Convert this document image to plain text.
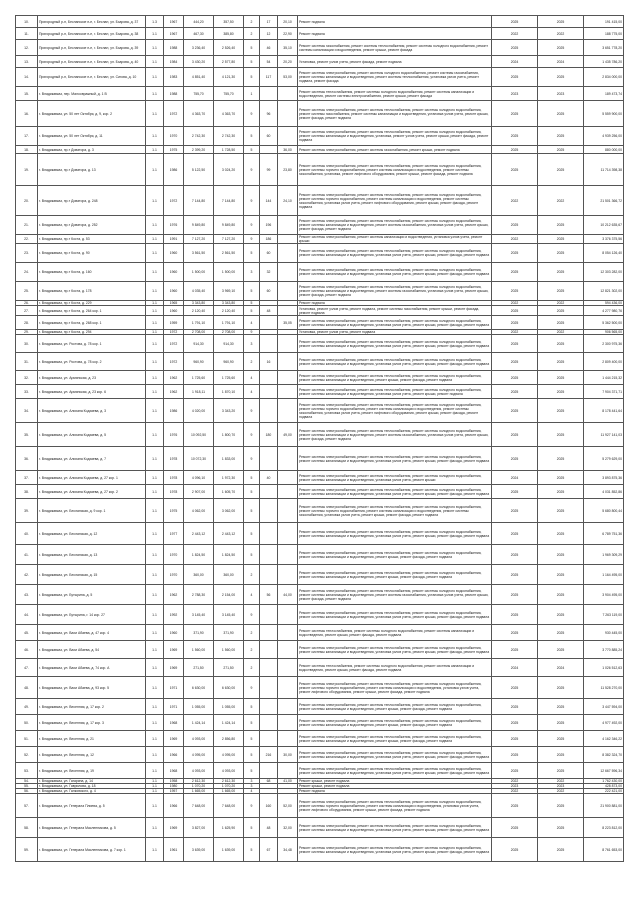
10.	Пригородный р-н, Бесланское п-е, г. Беслан, ул. Бзарова, д. 37	1.3	1967	444,20	357,50	2	17	20,10	Ремонт подвала	2025	2025	191 415,00
11.	Пригородный р-н, Бесланское п-е, г. Беслан, ул. Бзарова, д. 38	1.1	1967	467,30	385,80	2	12	22,90	Ремонт подвала	2022	2022	188 775,00
12.	Пригородный р-н, Бесланское п-е, г. Беслан, ул. Бзарова, д. 39	1.1	1988	3 236,40	2 526,40	5	46	35,10	Ремонт системы газоснабжения, ремонт системы теплоснабжения, ремонт системы холодного водоснабжения, ремонт системы канализации и водоотведения, ремонт крыши, ремонт фасада	2025	2025	3 651 778,20
13.	Пригородный р-н, Бесланское п-е, г. Беслан, ул. Бзарова, д. 40	1.1	1984	3 430,20	2 577,80	5	54	20,20	Установка, ремонт узлов учета, ремонт фасада, ремонт подвала	2024	2024	1 435 786,20
14.	Пригородный р-н, Бесланское п-е, г. Беслан, ул. Сигова, д. 10	1.1	1983	4 851,40	4 121,30	5	117	53,00	Ремонт системы электроснабжения, ремонт системы холодного водоснабжения, ремонт системы газоснабжения, ремонт системы канализации и водоотведения, ремонт системы теплоснабжения, установка узлов учета, ремонт подвала, ремонт фасада	2025	2025	2 834 000,00
15.	г. Владикавказ, пер. Малоовражный, д. 1 В	1.1	1988	755,70	755,70	1			Ремонт системы теплоснабжения, ремонт системы холодного водоснабжения, ремонт системы канализации и водоотведения, ремонт системы электроснабжения, ремонт крыши, ремонт фасада	2023	2023	189 473,74
16.	г. Владикавказ, ул. 50 лет Октября, д. 9, кор. 2	1.1	1972	4 363,70	4 363,70	9	96		Ремонт системы электроснабжения, ремонт системы теплоснабжения, ремонт системы холодного водоснабжения, ремонт системы газоснабжения, ремонт системы канализации и водоотведения, установка узлов учета, ремонт крыши, ремонт фасада, ремонт подвала	2025	2025	5 559 900,00
17.	г. Владикавказ, ул. 50 лет Октября, д. 11	1.1	1970	2 742,30	2 742,30	5	60		Ремонт системы электроснабжения, ремонт системы теплоснабжения, ремонт системы холодного водоснабжения, ремонт системы канализации и водоотведения, установка, ремонт узлов учета, ремонт крыши, ремонт фасада, ремонт подвала	2025	2025	4 939 256,00
18.	г. Владикавказ, пр-т Доватора, д. 3	1.1	1975	2 399,20	1 728,50	5		36,00	Ремонт системы электроснабжения, ремонт системы газоснабжения, ремонт крыши, ремонт подвала	2025	2025	880 000,00
19.	г. Владикавказ, пр-т Доватора, д. 13	1.1	1986	5 122,50	3 024,20	9	99	23,80	Ремонт системы электроснабжения, ремонт системы теплоснабжения, ремонт системы холодного водоснабжения, ремонт системы горячего водоснабжения, ремонт системы канализации и водоотведения, ремонт системы газоснабжения, установка, ремонт лифтового оборудования, ремонт крыши, ремонт фасада, ремонт подвала	2025	2025	11 714 398,38
20.	г. Владикавказ, пр-т Доватора, д. 248	1.1	1972	7 144,80	7 144,80	9	144	24,10	Ремонт системы электроснабжения, ремонт системы теплоснабжения, ремонт системы холодного водоснабжения, ремонт системы горячего водоснабжения, ремонт системы канализации и водоотведения, ремонт системы газоснабжения, установка узлов учета, ремонт лифтового оборудования, ремонт крыши, ремонт фасада, ремонт подвала	2022	2022	21 501 366,72
21.	г. Владикавказ, пр-т Доватора, д. 252	1.1	1976	9 849,80	9 849,80	9	196		Ремонт системы электроснабжения, ремонт системы теплоснабжения, ремонт системы холодного водоснабжения, ремонт системы канализации и водоотведения, ремонт системы газоснабжения, установка узлов учета, ремонт крыши, ремонт фасада, ремонт подвала	2025	2025	10 212 635,67
22.	г. Владикавказ, пр-т Коста, д. 53	1.1	1991	7 127,20	7 127,20	9	186		Ремонт системы электроснабжения, ремонт системы канализации и водоотведения, установка узлов учета, ремонт крыши	2022	2025	3 376 375,56
23.	г. Владикавказ, пр-т Коста, д. 90	1.1	1960	3 561,50	2 561,50	5	60		Ремонт системы электроснабжения, ремонт системы теплоснабжения, ремонт системы холодного водоснабжения, ремонт системы канализации и водоотведения, установка узлов учета, ремонт крыши, ремонт фасада, ремонт подвала	2025	2025	8 054 126,40
24.	г. Владикавказ, пр-т Коста, д. 160	1.1	1960	1 500,00	1 500,00	3	32		Ремонт системы электроснабжения, ремонт системы теплоснабжения, ремонт системы холодного водоснабжения, ремонт системы канализации и водоотведения, установка узлов учета, ремонт крыши, ремонт фасада, ремонт подвала	2025	2025	12 303 282,00
25.	г. Владикавказ, пр-т Коста, д. 178	1.1	1960	4 035,40	3 969,10	5	60		Ремонт системы электроснабжения, ремонт системы теплоснабжения, ремонт системы холодного водоснабжения, ремонт системы канализации и водоотведения, ремонт системы газоснабжения, установка узлов учета, ремонт крыши, ремонт фасада, ремонт подвала	2025	2025	12 821 302,00
26.	г. Владикавказ, пр-т Коста, д. 229	1.1	1965	3 343,80	3 343,80	5			Ремонт подвала	2022	2022	594 436,00
27.	г. Владикавказ, пр-т Коста, д. 264 кор. 1	1.1	1960	2 120,40	2 120,40	5	48		Установка, ремонт узлов учета, ремонт подвала, ремонт системы газоснабжения, ремонт крыши, ремонт фасада, ремонт подвала	2025	2025	4 277 980,76
28.	г. Владикавказ, пр-т Коста, д. 268 кор. 1	1.1	1959	1 791,10	1 791,10	4		35,05	Ремонт системы электроснабжения, ремонт системы теплоснабжения, ремонт системы холодного водоснабжения, ремонт системы канализации и водоотведения, установка узлов учета, ремонт крыши, ремонт фасада, ремонт подвала	2025	2025	5 362 500,00
29.	г. Владикавказ, пр-т Коста, д. 294	1.1	1972	2 708,00	2 708,00	9			Установка, ремонт узлов учета, ремонт подвала	2022	2022	906 565,00
30.	г. Владикавказ, ул. Ростова, д. 78 кор. 1	1.1	1972	914,30	914,30	3			Ремонт системы электроснабжения, ремонт системы теплоснабжения, ремонт системы холодного водоснабжения, ремонт системы канализации и водоотведения, установка узлов учета, ремонт крыши, ремонт фасада, ремонт подвала	2025	2025	2 300 975,36
31.	г. Владикавказ, ул. Ростова, д. 78 кор. 2	1.1	1972	960,90	960,90	2	16		Ремонт системы электроснабжения, ремонт системы теплоснабжения, ремонт системы холодного водоснабжения, ремонт системы канализации и водоотведения, установка узлов учета, ремонт крыши, ремонт фасада, ремонт подвала	2025	2025	2 809 400,00
32.	г. Владикавказ, ул. Армянская, д. 23	1.1	1962	1 725,60	1 725,60	4			Ремонт системы электроснабжения, ремонт системы теплоснабжения, ремонт системы холодного водоснабжения, ремонт системы канализации и водоотведения, ремонт крыши, ремонт фасада, ремонт подвала	2025	2025	1 444 215,32
33.	г. Владикавказ, ул. Армянская, д. 23 кор. 6	1.1	1962	1 918,11	1 870,10	4			Ремонт системы электроснабжения, ремонт системы теплоснабжения, ремонт системы холодного водоснабжения, ремонт системы канализации и водоотведения, установка узлов учета, ремонт крыши, ремонт подвала	2025	2025	7 904 371,71
34.	г. Владикавказ, ул. Алихана Кодзаева, д. 3	1.1	1986	4 020,00	3 343,20	9			Ремонт системы электроснабжения, ремонт системы теплоснабжения, ремонт системы холодного водоснабжения, ремонт системы горячего водоснабжения, ремонт системы канализации и водоотведения, ремонт системы газоснабжения, установка узлов учета, ремонт лифтового оборудования, ремонт крыши, ремонт фасада, ремонт подвала	2025	2025	8 178 441,64
35.	г. Владикавказ, ул. Алихана Кодзаева, д. 5	1.1	1976	10 092,50	1 800,70	9	180	49,00	Ремонт системы электроснабжения, ремонт системы теплоснабжения, ремонт системы холодного водоснабжения, ремонт системы канализации и водоотведения, ремонт системы газоснабжения, установка узлов учета, ремонт крыши, ремонт фасада, ремонт подвала	2025	2025	11 927 141,03
36.	г. Владикавказ, ул. Алихана Кодзаева, д. 7	1.1	1978	10 072,30	1 833,00	9			Ремонт системы электроснабжения, ремонт системы теплоснабжения, ремонт системы холодного водоснабжения, ремонт системы канализации и водоотведения, установка узлов учета, ремонт крыши, ремонт фасада, ремонт подвала	2025	2025	5 279 629,00
37.	г. Владикавказ, ул. Алихана Кодзаева, д. 27 кор. 1	1.1	1978	4 096,10	1 972,30	5	40		Ремонт системы электроснабжения, ремонт системы теплоснабжения, ремонт системы холодного водоснабжения, ремонт системы канализации и водоотведения, установка узлов учета, ремонт крыши	2024	2025	3 893 875,36
38.	г. Владикавказ, ул. Алихана Кодзаева, д. 27 кор. 2	1.1	1978	2 907,00	1 605,70	5			Ремонт системы электроснабжения, ремонт системы теплоснабжения, ремонт системы холодного водоснабжения, ремонт системы канализации и водоотведения, установка узлов учета, ремонт крыши, ремонт фасада, ремонт подвала	2025	2025	4 031 852,86
39.	г. Владикавказ, ул. Бесланская, д. 9 кор. 1	1.1	1975	4 062,00	3 062,00	5			Ремонт системы электроснабжения, ремонт системы теплоснабжения, ремонт системы холодного водоснабжения, ремонт системы горячего водоснабжения, ремонт системы канализации и водоотведения, ремонт системы газоснабжения, установка узлов учета, ремонт крыши, ремонт фасада, ремонт подвала	2025	2025	5 680 800,44
40.	г. Владикавказ, ул. Бесланская, д. 12	1.1	1977	2 443,12	2 443,12	5			Ремонт системы электроснабжения, ремонт системы теплоснабжения, ремонт системы холодного водоснабжения, ремонт системы канализации и водоотведения, установка узлов учета, ремонт крыши, ремонт фасада, ремонт подвала	2025	2025	6 789 751,36
41.	г. Владикавказ, ул. Бесланская, д. 13	1.1	1970	1 824,50	1 824,50	5			Ремонт системы электроснабжения, ремонт системы теплоснабжения, ремонт системы холодного водоснабжения, ремонт системы канализации и водоотведения, ремонт крыши, ремонт фасада, ремонт подвала	2025	2025	1 969 309,29
42.	г. Владикавказ, ул. Бесланская, д. 15	1.1	1970	360,00	360,00	2			Ремонт системы электроснабжения, ремонт системы теплоснабжения, ремонт системы холодного водоснабжения, ремонт системы канализации и водоотведения, ремонт крыши, ремонт фасада, ремонт подвала	2025	2025	1 164 495,00
43.	г. Владикавказ, ул. Бутырина, д. 5	1.1	1962	2 788,30	2 154,00	4	56	44,00	Ремонт системы электроснабжения, ремонт системы теплоснабжения, ремонт системы холодного водоснабжения, ремонт системы канализации и водоотведения, ремонт системы газоснабжения, установка узлов учета, ремонт крыши, ремонт фасада, ремонт подвала	2025	2025	3 904 495,00
44.	г. Владикавказ, ул. Бутырина, г. 14 кор. 27	1.1	1992	3 145,40	3 145,40	9			Ремонт системы электроснабжения, ремонт системы теплоснабжения, ремонт системы холодного водоснабжения, ремонт системы канализации и водоотведения, установка узлов учета, ремонт крыши, ремонт фасада, ремонт подвала	2025	2025	7 263 119,00
45.	г. Владикавказ, ул. Вахи Абаева, д. 47 кор. 4	1.1	1960	371,90	371,90	2			Ремонт системы теплоснабжения, ремонт системы холодного водоснабжения, ремонт системы канализации и водоотведения, ремонт крыши, ремонт фасада, ремонт подвала	2025	2025	930 445,00
46.	г. Владикавказ, ул. Вахи Абаева, д. 54	1.1	1969	1 560,00	1 560,00	2			Ремонт системы электроснабжения, ремонт системы теплоснабжения, ремонт системы холодного водоснабжения, ремонт системы канализации и водоотведения, установка узлов учета, ремонт крыши, ремонт фасада, ремонт подвала	2025	2025	3 770 885,24
47.	г. Владикавказ, ул. Вахи Абаева, д. 74 кор. А	1.1	1969	271,50	271,50	2			Ремонт системы теплоснабжения, ремонт системы холодного водоснабжения, ремонт системы канализации и водоотведения, ремонт крыши, ремонт фасада, ремонт подвала	2024	2024	1 026 512,63
48.	г. Владикавказ, ул. Вахи Абаева, д. 93 кор. 5	1.1	1971	6 630,00	6 630,00	9			Ремонт системы электроснабжения, ремонт системы теплоснабжения, ремонт системы холодного водоснабжения, ремонт системы горячего водоснабжения, ремонт системы канализации и водоотведения, установка узлов учета, ремонт лифтового оборудования, ремонт крыши, ремонт фасада, ремонт подвала	2025	2025	11 528 270,00
49.	г. Владикавказ, ул. Весенняя, д. 17 кор. 2	1.1	1971	1 055,00	1 055,00	5			Ремонт системы электроснабжения, ремонт системы теплоснабжения, ремонт системы холодного водоснабжения, ремонт системы канализации и водоотведения, ремонт крыши, ремонт фасада, ремонт подвала	2025	2025	3 447 594,00
50.	г. Владикавказ, ул. Весенняя, д. 17 кор. 3	1.1	1968	1 424,14	1 424,14	5			Ремонт системы электроснабжения, ремонт системы теплоснабжения, ремонт системы холодного водоснабжения, ремонт системы канализации и водоотведения, ремонт крыши, ремонт фасада, ремонт подвала	2025	2025	4 977 492,00
51.	г. Владикавказ, ул. Весенняя, д. 21	1.1	1969	4 093,00	2 856,80	5			Ремонт системы электроснабжения, ремонт системы теплоснабжения, ремонт системы холодного водоснабжения, ремонт системы канализации и водоотведения, ремонт крыши, ремонт фасада, ремонт подвала	2025	2025	4 162 346,22
52.	г. Владикавказ, ул. Весенняя, д. 12	1.1	1966	4 095,00	4 095,00	5	216	30,00	Ремонт системы электроснабжения, ремонт системы теплоснабжения, ремонт системы холодного водоснабжения, ремонт системы канализации и водоотведения, установка узлов учета, ремонт крыши, ремонт фасада, ремонт подвала	2025	2025	8 382 324,70
53.	г. Владикавказ, ул. Весенняя, д. 19	1.1	1968	4 093,00	4 093,00	5			Ремонт системы электроснабжения, ремонт системы теплоснабжения, ремонт системы холодного водоснабжения, ремонт системы канализации и водоотведения, установка узлов учета, ремонт крыши, ремонт фасада, ремонт подвала	2025	2025	12 667 596,34
54.	г. Владикавказ, ул. Гагарина, д. 14	1.1	1958	2 612,30	2 612,30	3	68	41,00	Ремонт крыши, ремонт подвала	2022	2022	1 762 430,00
55.	г. Владикавказ, ул. Гаврилова, д. 18	1.1	1980	1 070,20	1 070,20	3			Ремонт крыши, ремонт подвала	2023	2023	428 873,00
56.	г. Владикавказ, ул. Галковского, д. 4	1.1	1957	1 665,00	1 665,00	4			Ремонт подвала	2022	2022	222 421,00
57.	г. Владикавказ, ул. Генерала Плиева, д. 5	1.1	1966	7 648,00	7 648,00	9	160	52,00	Ремонт системы электроснабжения, ремонт системы теплоснабжения, ремонт системы холодного водоснабжения, ремонт системы горячего водоснабжения, ремонт системы канализации и водоотведения, установка узлов учета, ремонт лифтового оборудования, ремонт крыши, ремонт фасада, ремонт подвала	2025	2025	21 900 881,00
58.	г. Владикавказ, ул. Генерала Масленникова, д. 5	1.1	1969	3 827,00	1 625,90	5	48	32,00	Ремонт системы электроснабжения, ремонт системы теплоснабжения, ремонт системы холодного водоснабжения, ремонт системы канализации и водоотведения, установка узлов учета, ремонт крыши, ремонт фасада, ремонт подвала	2025	2025	8 223 812,00
59.	г. Владикавказ, ул. Генерала Масленникова, д. 7 кор. 1	1.1	1961	3 639,00	1 639,00	5	67	34,48	Ремонт системы электроснабжения, ремонт системы теплоснабжения, ремонт системы холодного водоснабжения, ремонт системы канализации и водоотведения, установка узлов учета, ремонт крыши, ремонт фасада, ремонт подвала	2025	2025	8 761 653,00
